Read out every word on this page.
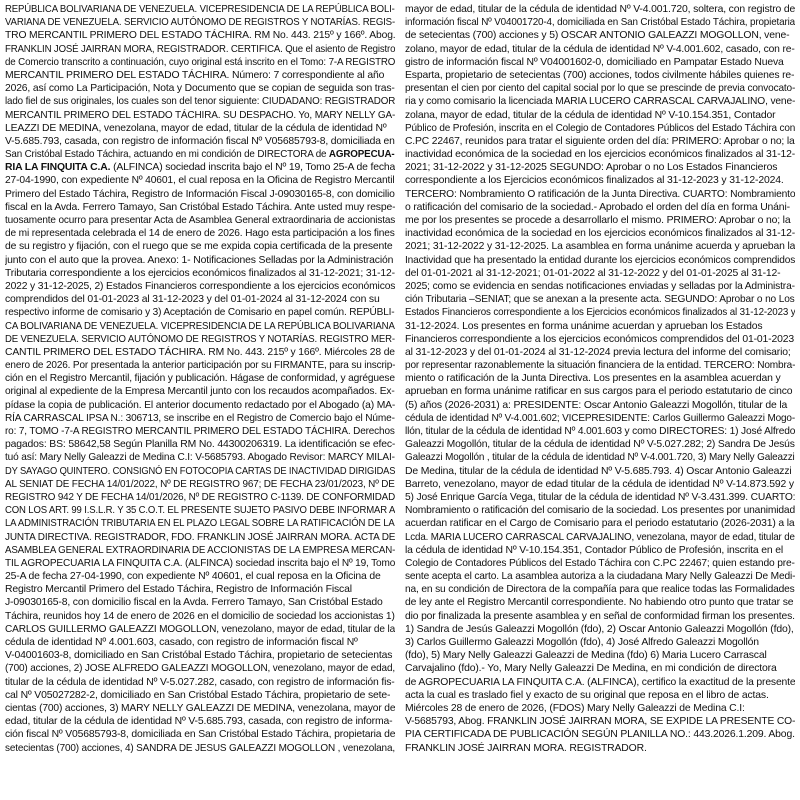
REPÚBLICA BOLIVARIANA DE VENEZUELA. VICEPRESIDENCIA DE LA REPÚBLICA BOLI-
VARIANA DE VENEZUELA. SERVICIO AUTÓNOMO DE REGISTROS Y NOTARÍAS. REGIS-
TRO MERCANTIL PRIMERO DEL ESTADO TÁCHIRA. RM No. 443. 215º y 166º. Abog.
FRANKLIN JOSÉ JAIRRAN MORA, REGISTRADOR. CERTIFICA. Que el asiento de Registro
de Comercio transcrito a continuación, cuyo original está inscrito en el Tomo: 7-A REGISTRO
MERCANTIL PRIMERO DEL ESTADO TÁCHIRA. Número: 7 correspondiente al año
2026, así como La Participación, Nota y Documento que se copian de seguida son tras-
lado fiel de sus originales, los cuales son del tenor siguiente: CIUDADANO: REGISTRADOR
MERCANTIL PRIMERO DEL ESTADO TÁCHIRA. SU DESPACHO. Yo, MARY NELLY GA-
LEAZZI DE MEDINA, venezolana, mayor de edad, titular de la cédula de identidad Nº
V-5.685.793, casada, con registro de información fiscal Nº V05685793-8, domiciliada en
San Cristóbal Estado Táchira, actuando en mi condición de DIRECTORA de AGROPECUA-
RIA LA FINQUITA C.A. (ALFINCA) sociedad inscrita bajo el Nº 19, Tomo 25-A de fecha
27-04-1990, con expediente Nº 40601, el cual reposa en la Oficina de Registro Mercantil
Primero del Estado Táchira, Registro de Información Fiscal J-09030165-8, con domicilio
fiscal en la Avda. Ferrero Tamayo, San Cristóbal Estado Táchira. Ante usted muy respe-
tuosamente ocurro para presentar Acta de Asamblea General extraordinaria de accionistas
de mi representada celebrada el 14 de enero de 2026. Hago esta participación a los fines
de su registro y fijación, con el ruego que se me expida copia certificada de la presente
junto con el auto que la provea. Anexo: 1- Notificaciones Selladas por la Administración
Tributaria correspondiente a los ejercicios económicos finalizados al 31-12-2021; 31-12-
2022 y 31-12-2025, 2) Estados Financieros correspondiente a los ejercicios económicos
comprendidos del 01-01-2023 al 31-12-2023 y del 01-01-2024 al 31-12-2024 con su
respectivo informe de comisario y 3) Aceptación de Comisario en papel común. REPÚBLI-
CA BOLIVARIANA DE VENEZUELA. VICEPRESIDENCIA DE LA REPÚBLICA BOLIVARIANA
DE VENEZUELA. SERVICIO AUTÓNOMO DE REGISTROS Y NOTARÍAS. REGISTRO MER-
CANTIL PRIMERO DEL ESTADO TÁCHIRA. RM No. 443. 215º y 166º. Miércoles 28 de
enero de 2026. Por presentada la anterior participación por su FIRMANTE, para su inscrip-
ción en el Registro Mercantil, fijación y publicación. Hágase de conformidad, y agréguese
original al expediente de la Empresa Mercantil junto con los recaudos acompañados. Ex-
pídase la copia de publicación. El anterior documento redactado por el Abogado (a) MA-
RÍA CARRASCAL IPSA N.: 306713, se inscribe en el Registro de Comercio bajo el Núme-
ro: 7, TOMO -7-A REGISTRO MERCANTIL PRIMERO DEL ESTADO TÁCHIRA. Derechos
pagados: BS: 58642,58 Según Planilla RM No. 44300206319. La identificación se efec-
tuó así: Mary Nelly Galeazzi de Medina C.I: V-5685793. Abogado Revisor: MARCY MILAI-
DY SAYAGO QUINTERO. CONSIGNÓ EN FOTOCOPIA CARTAS DE INACTIVIDAD DIRIGIDAS
AL SENIAT DE FECHA 14/01/2022, Nº DE REGISTRO 967; DE FECHA 23/01/2023, Nº DE
REGISTRO 942 Y DE FECHA 14/01/2026, Nº DE REGISTRO C-1139. DE CONFORMIDAD
CON LOS ART. 99 I.S.L.R. Y 35 C.O.T. EL PRESENTE SUJETO PASIVO DEBE INFORMAR A
LA ADMINISTRACIÓN TRIBUTARIA EN EL PLAZO LEGAL SOBRE LA RATIFICACIÓN DE LA
JUNTA DIRECTIVA. REGISTRADOR, FDO. FRANKLIN JOSÉ JAIRRAN MORA. ACTA DE
ASAMBLEA GENERAL EXTRAORDINARIA DE ACCIONISTAS DE LA EMPRESA MERCAN-
TIL AGROPECUARIA LA FINQUITA C.A. (ALFINCA) sociedad inscrita bajo el Nº 19, Tomo
25-A de fecha 27-04-1990, con expediente Nº 40601, el cual reposa en la Oficina de
Registro Mercantil Primero del Estado Táchira, Registro de Información Fiscal
J-09030165-8, con domicilio fiscal en la Avda. Ferrero Tamayo, San Cristóbal Estado
Táchira, reunidos hoy 14 de enero de 2026 en el domicilio de sociedad los accionistas 1)
CARLOS GUILLERMO GALEAZZI MOGOLLON, venezolano, mayor de edad, titular de la
cédula de identidad Nº 4.001.603, casado, con registro de información fiscal Nº
V-04001603-8, domiciliado en San Cristóbal Estado Táchira, propietario de setecientas
(700) acciones, 2) JOSE ALFREDO GALEAZZI MOGOLLON, venezolano, mayor de edad,
titular de la cédula de identidad Nº V-5.027.282, casado, con registro de información fis-
cal Nº V05027282-2, domiciliado en San Cristóbal Estado Táchira, propietario de sete-
cientas (700) acciones, 3) MARY NELLY GALEAZZI DE MEDINA, venezolana, mayor de
edad, titular de la cédula de identidad Nº V-5.685.793, casada, con registro de informa-
ción fiscal Nº V05685793-8, domiciliada en San Cristóbal Estado Táchira, propietaria de
setecientas (700) acciones, 4) SANDRA DE JESUS GALEAZZI MOGOLLON , venezolana,
mayor de edad, titular de la cédula de identidad Nº V-4.001.720, soltera, con registro de
información fiscal Nº V04001720-4, domiciliada en San Cristóbal Estado Táchira, propietaria
de setecientas (700) acciones y 5) OSCAR ANTONIO GALEAZZI MOGOLLON, vene-
zolano, mayor de edad, titular de la cédula de identidad Nº V-4.001.602, casado, con re-
gistro de información fiscal Nº V04001602-0, domiciliado en Pampatar Estado Nueva
Esparta, propietario de setecientas (700) acciones, todos civilmente hábiles quienes re-
presentan el cien por ciento del capital social por lo que se prescinde de previa convocato-
ria y como comisario la licenciada MARIA LUCERO CARRASCAL CARVAJALINO, vene-
zolana, mayor de edad, titular de la cédula de identidad Nº V-10.154.351, Contador
Público de Profesión, inscrita en el Colegio de Contadores Públicos del Estado Táchira con
C.PC 22467, reunidos para tratar el siguiente orden del día: PRIMERO: Aprobar o no; la
inactividad económica de la sociedad en los ejercicios económicos finalizados al 31-12-
2021; 31-12-2022 y 31-12-2025 SEGUNDO: Aprobar o no Los Estados Financieros
correspondiente a los Ejercicios económicos finalizados al 31-12-2023 y 31-12-2024.
TERCERO: Nombramiento O ratificación de la Junta Directiva. CUARTO: Nombramiento
o ratificación del comisario de la sociedad.- Aprobado el orden del día en forma Unáni-
me por los presentes se procede a desarrollarlo el mismo. PRIMERO: Aprobar o no; la
inactividad económica de la sociedad en los ejercicios económicos finalizados al 31-12-
2021; 31-12-2022 y 31-12-2025. La asamblea en forma unánime acuerda y aprueban la
Inactividad que ha presentado la entidad durante los ejercicios económicos comprendidos
del 01-01-2021 al 31-12-2021; 01-01-2022 al 31-12-2022 y del 01-01-2025 al 31-12-
2025; como se evidencia en sendas notificaciones enviadas y selladas por la Administra-
ción Tributaria –SENIAT; que se anexan a la presente acta. SEGUNDO: Aprobar o no Los
Estados Financieros correspondiente a los Ejercicios económicos finalizados al 31-12-2023 y
31-12-2024. Los presentes en forma unánime acuerdan y aprueban los Estados
Financieros correspondiente a los ejercicios económicos comprendidos del 01-01-2023
al 31-12-2023 y del 01-01-2024 al 31-12-2024 previa lectura del informe del comisario;
por representar razonablemente la situación financiera de la entidad. TERCERO: Nombra-
miento o ratificación de la Junta Directiva. Los presentes en la asamblea acuerdan y
aprueban en forma unánime ratificar en sus cargos para el periodo estatutario de cinco
(5) años (2026-2031) a: PRESIDENTE: Oscar Antonio Galeazzi Mogollón, titular de la
cédula de identidad Nº V-4.001.602; VICEPRESIDENTE: Carlos Guillermo Galeazzi Mogo-
llón, titular de la cédula de identidad Nº 4.001.603 y como DIRECTORES: 1) José Alfredo
Galeazzi Mogollón, titular de la cédula de identidad Nº V-5.027.282; 2) Sandra De Jesús
Galeazzi Mogollón , titular de la cédula de identidad Nº V-4.001.720, 3) Mary Nelly Galeazzi
De Medina, titular de la cédula de identidad Nº V-5.685.793. 4) Oscar Antonio Galeazzi
Barreto, venezolano, mayor de edad titular de la cédula de identidad Nº V-14.873.592 y
5) José Enrique García Vega, titular de la cédula de identidad Nº V-3.431.399. CUARTO:
Nombramiento o ratificación del comisario de la sociedad. Los presentes por unanimidad
acuerdan ratificar en el Cargo de Comisario para el periodo estatutario (2026-2031) a la
Lcda. MARIA LUCERO CARRASCAL CARVAJALINO, venezolana, mayor de edad, titular de
la cédula de identidad Nº V-10.154.351, Contador Público de Profesión, inscrita en el
Colegio de Contadores Públicos del Estado Táchira con C.PC 22467; quien estando pre-
sente acepta el carto. La asamblea autoriza a la ciudadana Mary Nelly Galeazzi De Medi-
na, en su condición de Directora de la compañía para que realice todas las Formalidades
de ley ante el Registro Mercantil correspondiente. No habiendo otro punto que tratar se
dio por finalizada la presente asamblea y en señal de conformidad firman los presentes.
1) Sandra de Jesús Galeazzi Mogollón (fdo), 2) Oscar Antonio Galeazzi Mogollón (fdo),
3) Carlos Guillermo Galeazzi Mogollón (fdo), 4) José Alfredo Galeazzi Mogollón
(fdo), 5) Mary Nelly Galeazzi Galeazzi de Medina (fdo) 6) Maria Lucero Carrascal
Carvajalino (fdo).- Yo, Mary Nelly Galeazzi De Medina, en mi condición de directora
de AGROPECUARIA LA FINQUITA C.A. (ALFINCA), certifico la exactitud de la presente
acta la cual es traslado fiel y exacto de su original que reposa en el libro de actas.
Miércoles 28 de enero de 2026, (FDOS) Mary Nelly Galeazzi de Medina C.I:
V-5685793, Abog. FRANKLIN JOSÉ JAIRRAN MORA, SE EXPIDE LA PRESENTE CO-
PIA CERTIFICADA DE PUBLICACIÓN SEGÚN PLANILLA NO.: 443.2026.1.209. Abog.
FRANKLIN JOSÉ JAIRRAN MORA. REGISTRADOR.
